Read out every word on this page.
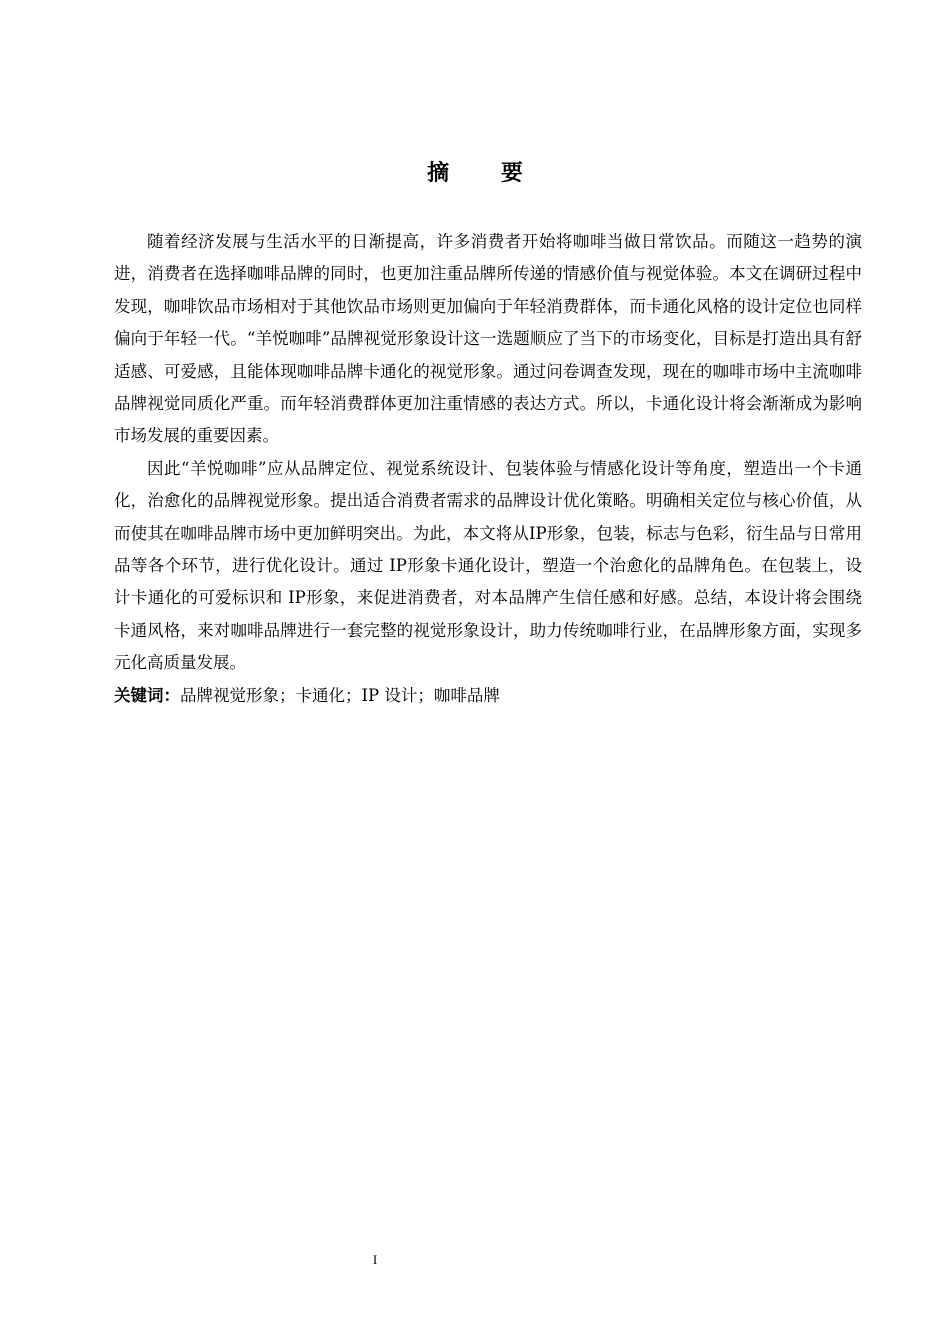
摘 要

随着经济发展与生活水平的日渐提高，许多消费者开始将咖啡当做日常饮品。而随这一趋势的演进，消费者在选择咖啡品牌的同时，也更加注重品牌所传递的情感价值与视觉体验。本文在调研过程中发现，咖啡饮品市场相对于其他饮品市场则更加偏向于年轻消费群体，而卡通化风格的设计定位也同样偏向于年轻一代。“羊悦咖啡”品牌视觉形象设计这一选题顺应了当下的市场变化，目标是打造出具有舒适感、可爱感，且能体现咖啡品牌卡通化的视觉形象。通过问卷调查发现，现在的咖啡市场中主流咖啡品牌视觉同质化严重。而年轻消费群体更加注重情感的表达方式。所以，卡通化设计将会渐渐成为影响市场发展的重要因素。

因此“羊悦咖啡”应从品牌定位、视觉系统设计、包装体验与情感化设计等角度，塑造出一个卡通化，治愈化的品牌视觉形象。提出适合消费者需求的品牌设计优化策略。明确相关定位与核心价值，从而使其在咖啡品牌市场中更加鲜明突出。为此，本文将从IP形象，包装，标志与色彩，衍生品与日常用品等各个环节，进行优化设计。通过 IP形象卡通化设计，塑造一个治愈化的品牌角色。在包装上，设计卡通化的可爱标识和 IP形象，来促进消费者，对本品牌产生信任感和好感。总结，本设计将会围绕卡通风格，来对咖啡品牌进行一套完整的视觉形象设计，助力传统咖啡行业，在品牌形象方面，实现多元化高质量发展。

关键词：品牌视觉形象；卡通化；IP 设计；咖啡品牌

I
